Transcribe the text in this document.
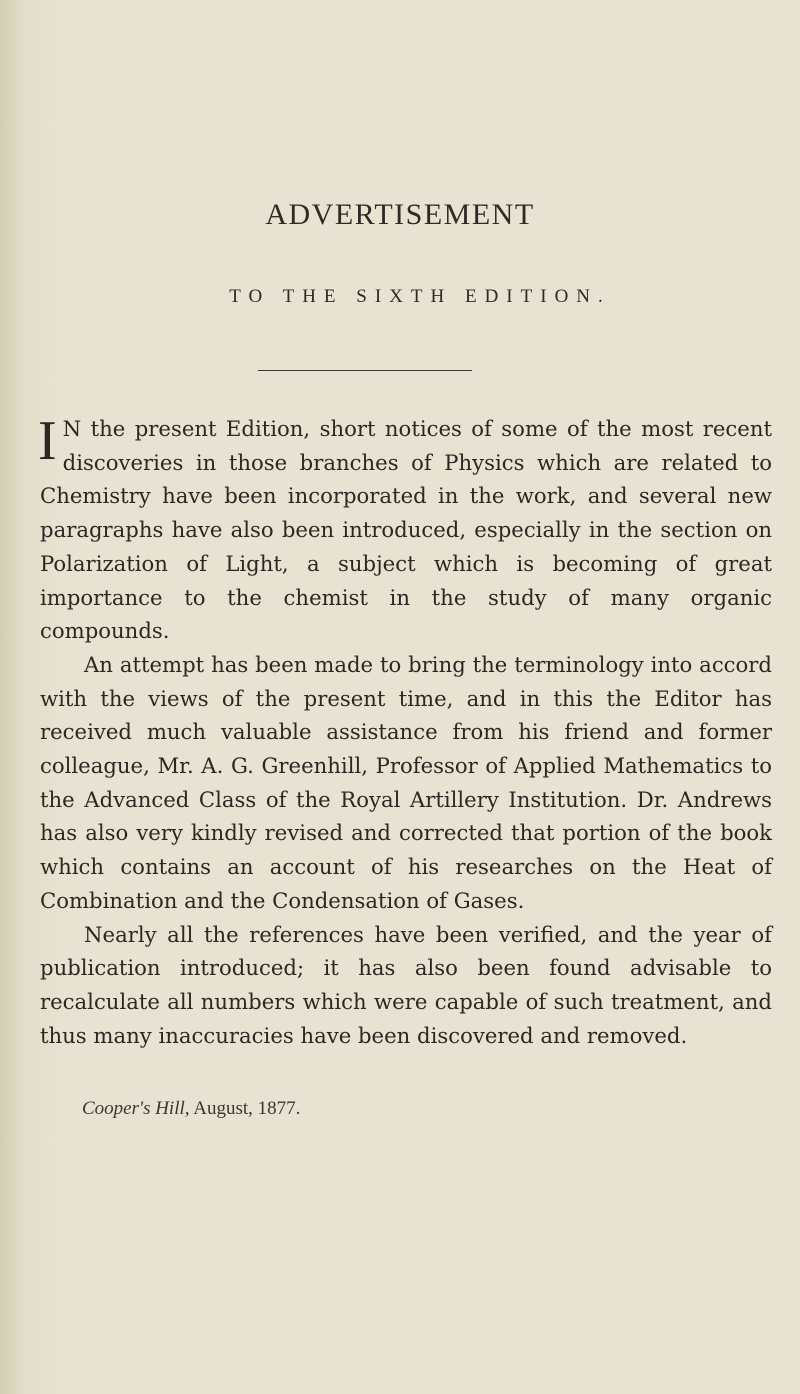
ADVERTISEMENT
TO THE SIXTH EDITION.

I N the present Edition, short notices of some of the most recent discoveries in those branches of Physics which are related to Chemistry have been incorporated in the work, and several new paragraphs have also been introduced, especially in the section on Polarization of Light, a subject which is becoming of great importance to the chemist in the study of many organic compounds.

An attempt has been made to bring the terminology into accord with the views of the present time, and in this the Editor has received much valuable assistance from his friend and former colleague, Mr. A. G. Greenhill, Professor of Applied Mathematics to the Advanced Class of the Royal Artillery Institution. Dr. Andrews has also very kindly revised and corrected that portion of the book which contains an account of his researches on the Heat of Combination and the Condensation of Gases.

Nearly all the references have been verified, and the year of publication introduced; it has also been found advisable to recalculate all numbers which were capable of such treatment, and thus many inaccuracies have been discovered and removed.

Cooper's Hill, August, 1877.
